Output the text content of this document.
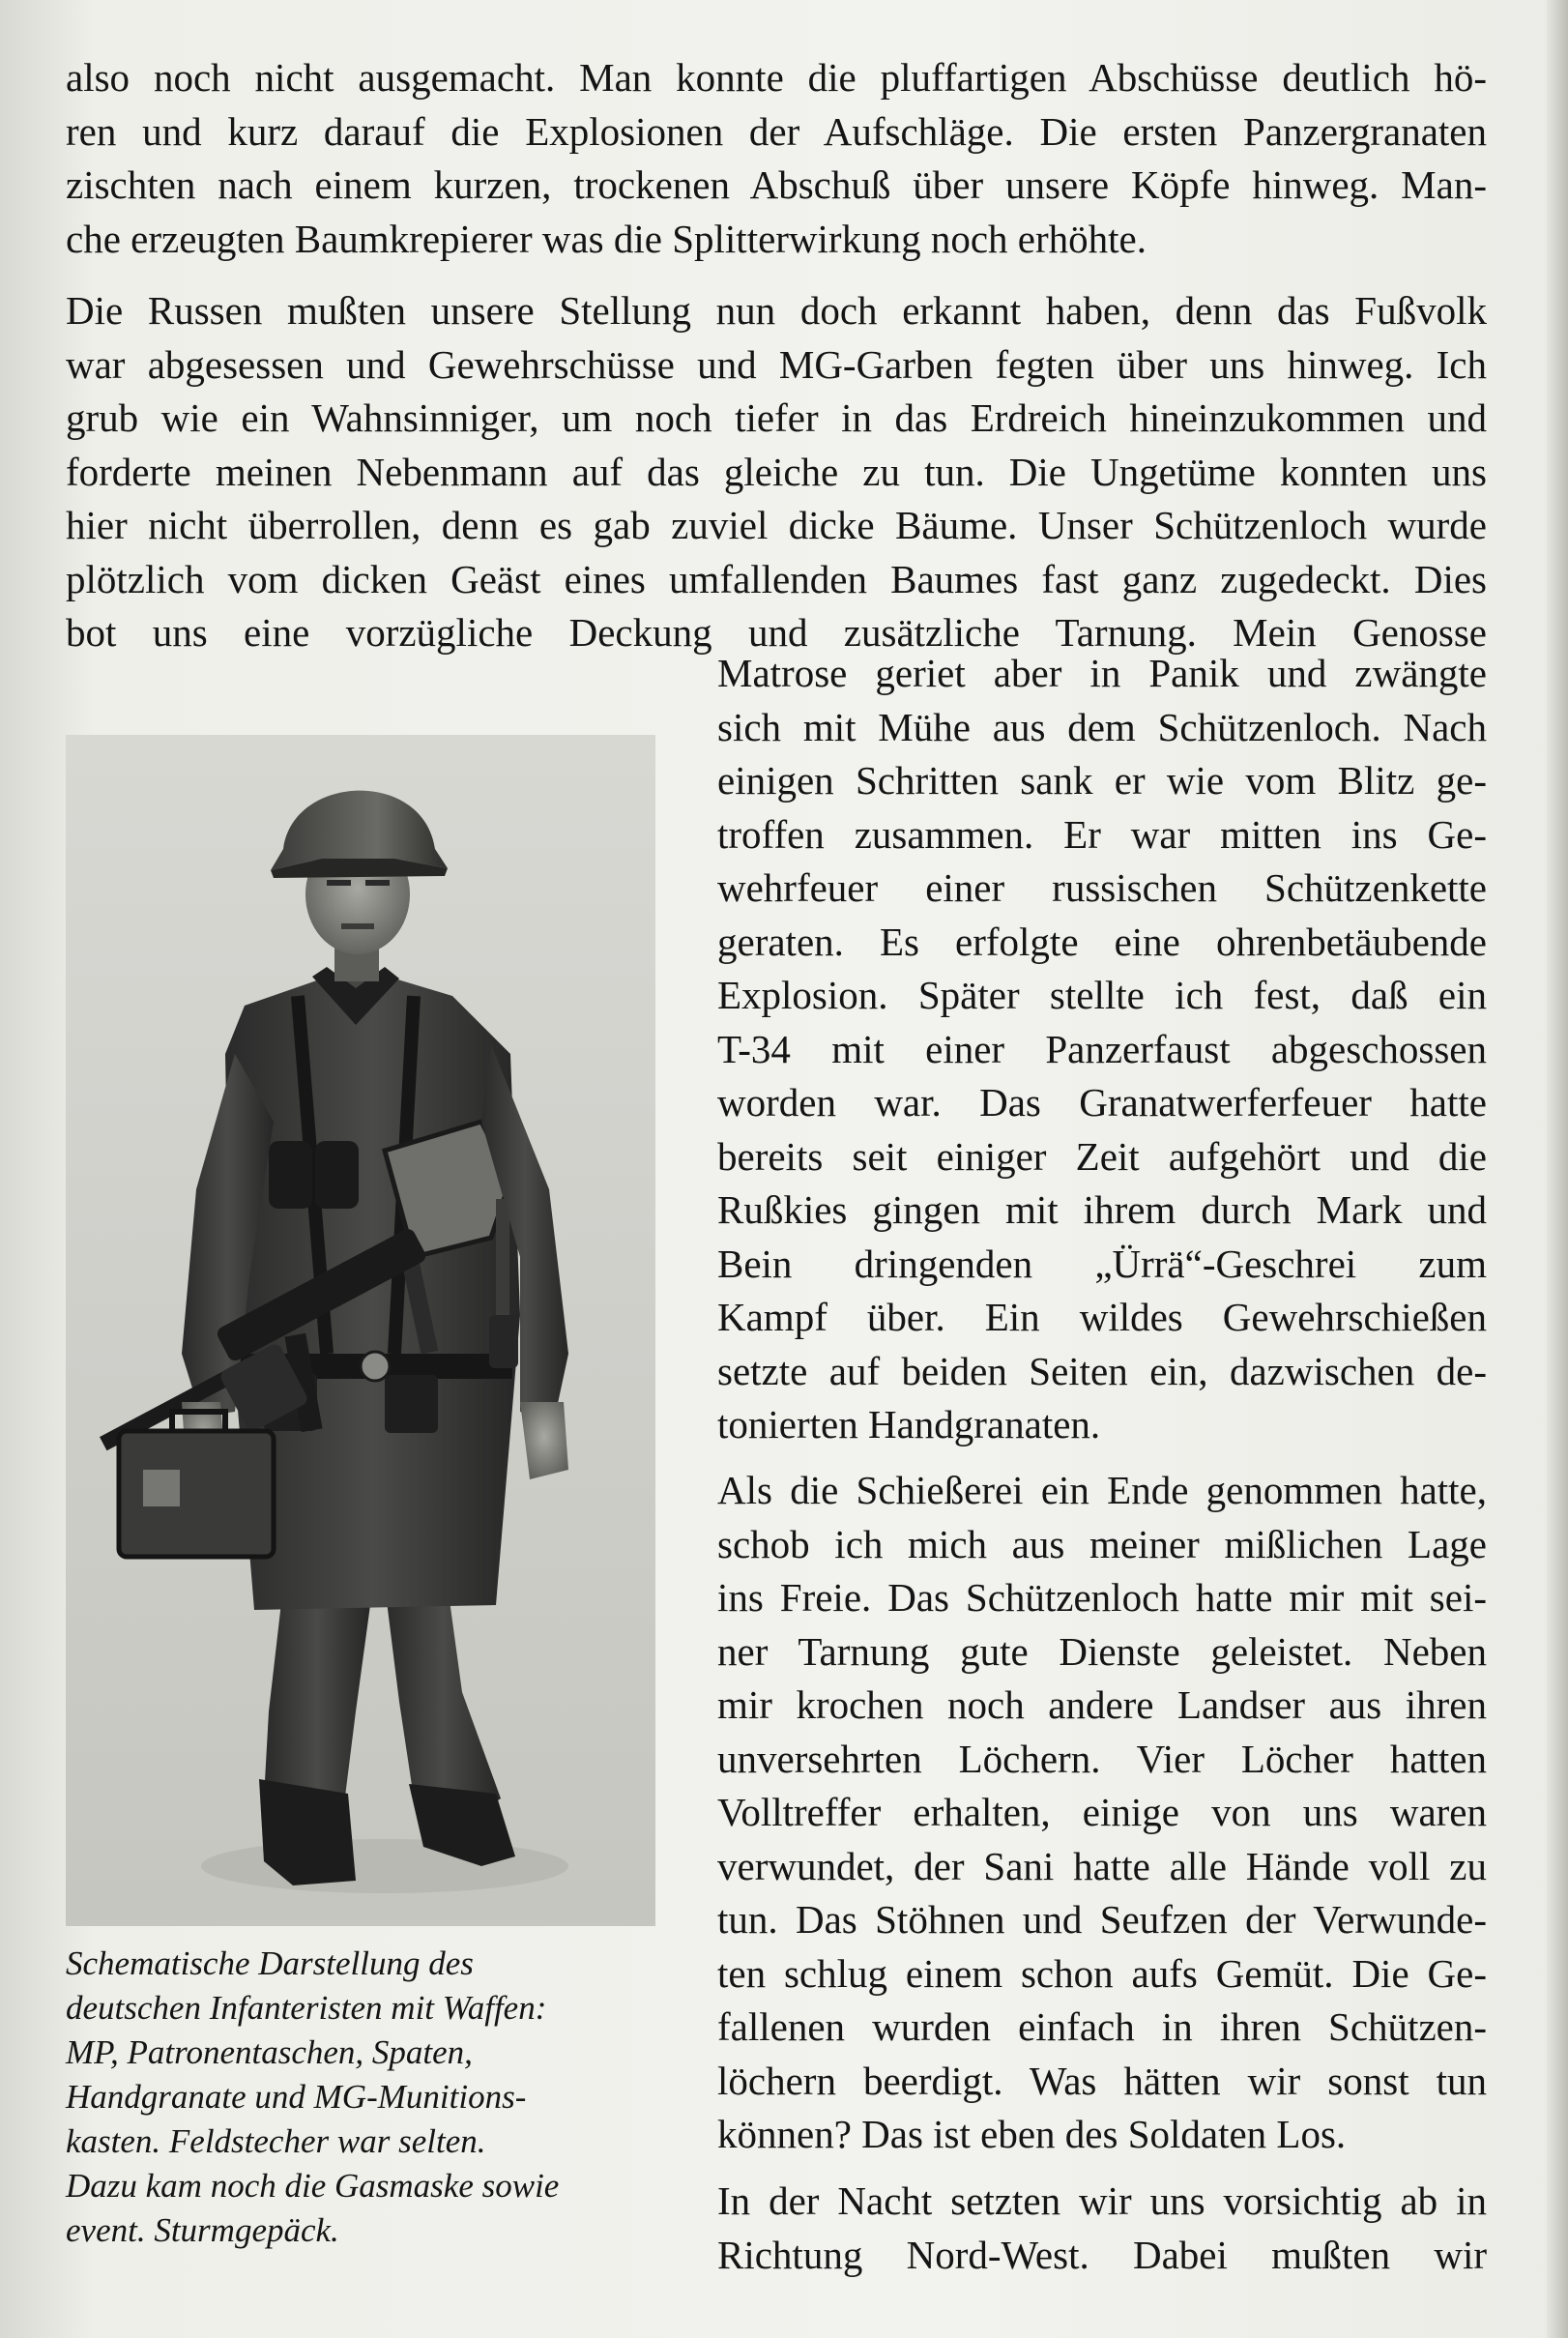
also noch nicht ausgemacht. Man konnte die pluffartigen Abschüsse deutlich hö-
ren und kurz darauf die Explosionen der Aufschläge. Die ersten Panzergranaten
zischten nach einem kurzen, trockenen Abschuß über unsere Köpfe hinweg. Man-
che erzeugten Baumkrepierer was die Splitterwirkung noch erhöhte.

Die Russen mußten unsere Stellung nun doch erkannt haben, denn das Fußvolk
war abgesessen und Gewehrschüsse und MG-Garben fegten über uns hinweg. Ich
grub wie ein Wahnsinniger, um noch tiefer in das Erdreich hineinzukommen und
forderte meinen Nebenmann auf das gleiche zu tun. Die Ungetüme konnten uns
hier nicht überrollen, denn es gab zuviel dicke Bäume. Unser Schützenloch wurde
plötzlich vom dicken Geäst eines umfallenden Baumes fast ganz zugedeckt. Dies
bot uns eine vorzügliche Deckung und zusätzliche Tarnung. Mein Genosse

Matrose geriet aber in Panik und zwängte
sich mit Mühe aus dem Schützenloch. Nach
einigen Schritten sank er wie vom Blitz ge-
troffen zusammen. Er war mitten ins Ge-
wehrfeuer einer russischen Schützenkette
geraten. Es erfolgte eine ohrenbetäubende
Explosion. Später stellte ich fest, daß ein
T-34 mit einer Panzerfaust abgeschossen
worden war. Das Granatwerferfeuer hatte
bereits seit einiger Zeit aufgehört und die
Rußkies gingen mit ihrem durch Mark und
Bein dringenden „Ürrä“-Geschrei zum
Kampf über. Ein wildes Gewehrschießen
setzte auf beiden Seiten ein, dazwischen de-
tonierten Handgranaten.

Als die Schießerei ein Ende genommen hatte,
schob ich mich aus meiner mißlichen Lage
ins Freie. Das Schützenloch hatte mir mit sei-
ner Tarnung gute Dienste geleistet. Neben
mir krochen noch andere Landser aus ihren
unversehrten Löchern. Vier Löcher hatten
Volltreffer erhalten, einige von uns waren
verwundet, der Sani hatte alle Hände voll zu
tun. Das Stöhnen und Seufzen der Verwunde-
ten schlug einem schon aufs Gemüt. Die Ge-
fallenen wurden einfach in ihren Schützen-
löchern beerdigt. Was hätten wir sonst tun
können? Das ist eben des Soldaten Los.

In der Nacht setzten wir uns vorsichtig ab in
Richtung Nord-West. Dabei mußten wir

Schematische Darstellung des
deutschen Infanteristen mit Waffen:
MP, Patronentaschen, Spaten,
Handgranate und MG-Munitions-
kasten. Feldstecher war selten.
Dazu kam noch die Gasmaske sowie
event. Sturmgepäck.
